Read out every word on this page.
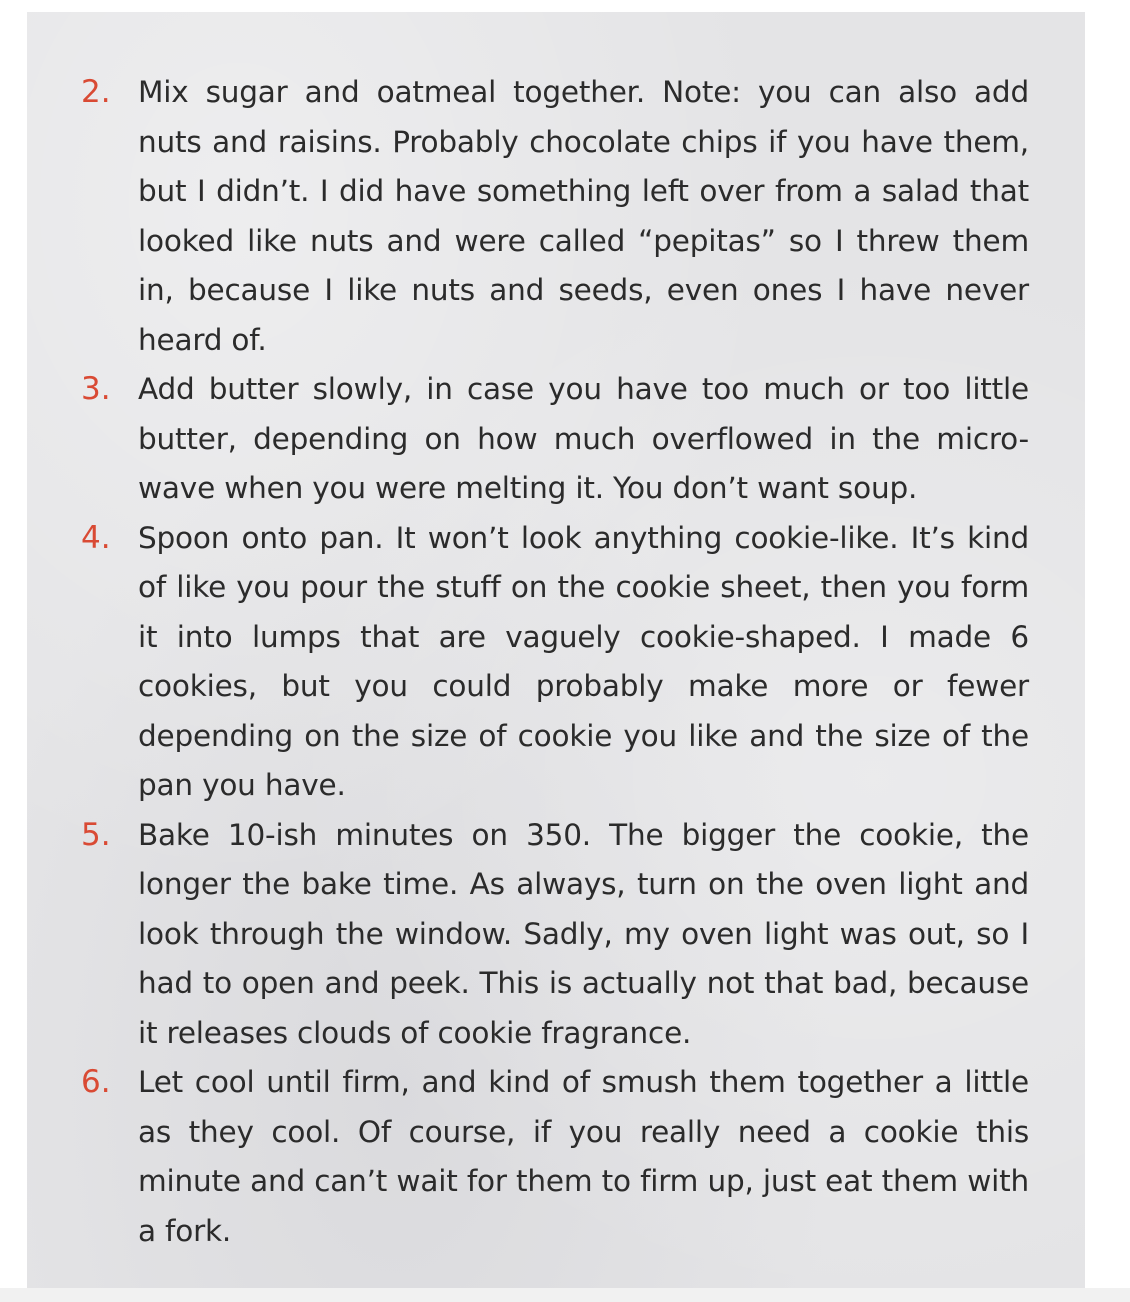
2. Mix sugar and oatmeal together. Note: you can also add nuts and raisins. Probably chocolate chips if you have them, but I didn’t. I did have something left over from a salad that looked like nuts and were called “pepitas” so I threw them in, because I like nuts and seeds, even ones I have never heard of.
3. Add butter slowly, in case you have too much or too little butter, depending on how much overflowed in the micro-wave when you were melting it. You don’t want soup.
4. Spoon onto pan. It won’t look anything cookie-like. It’s kind of like you pour the stuff on the cookie sheet, then you form it into lumps that are vaguely cookie-shaped. I made 6 cookies, but you could probably make more or fewer depending on the size of cookie you like and the size of the pan you have.
5. Bake 10-ish minutes on 350. The bigger the cookie, the longer the bake time. As always, turn on the oven light and look through the window. Sadly, my oven light was out, so I had to open and peek. This is actually not that bad, because it releases clouds of cookie fragrance.
6. Let cool until firm, and kind of smush them together a little as they cool. Of course, if you really need a cookie this minute and can’t wait for them to firm up, just eat them with a fork.
